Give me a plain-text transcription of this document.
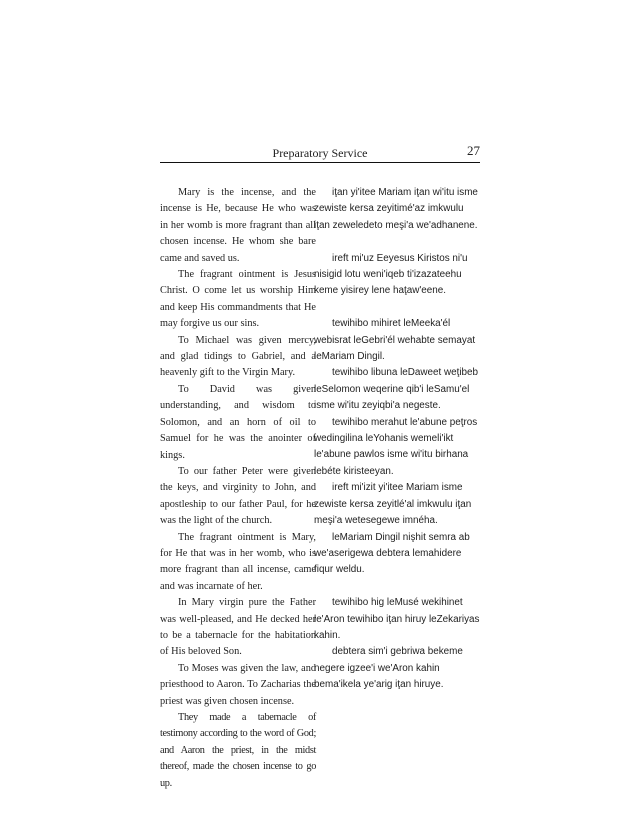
Preparatory Service	27

Mary is the incense, and the incense is He, because He who was in her womb is more fragrant than all chosen incense. He whom she bare came and saved us.

The fragrant ointment is Jesus Christ. O come let us worship Him and keep His commandments that He may forgive us our sins.

To Michael was given mercy, and glad tidings to Gabriel, and a heavenly gift to the Virgin Mary.

To David was given understanding, and wisdom to Solomon, and an horn of oil to Samuel for he was the anointer of kings.

To our father Peter were given the keys, and virginity to John, and apostleship to our father Paul, for he was the light of the church.

The fragrant ointment is Mary, for He that was in her womb, who is more fragrant than all incense, came and was incarnate of her.

In Mary virgin pure the Father was well-pleased, and He decked her to be a tabernacle for the habitation of His beloved Son.

To Moses was given the law, and priesthood to Aaron. To Zacharias the priest was given chosen incense.

They made a tabernacle of testimony according to the word of God; and Aaron the priest, in the midst thereof, made the chosen incense to go up.

iţan yi'itee Mariam iţan wi'itu isme zewiste kersa zeyitimé'az imkwulu iţan zeweledeto meşi'a we'adhanene.

ireft mi'uz Eeyesus Kiristos ni'u nisigid lotu weni'iqeb ti'izazateehu keme yisirey lene haţaw'eene.

tewihibo mihiret leMeeka'él webisrat leGebri'él wehabte semayat leMariam Dingil.

tewihibo libuna leDaweet weţibeb leSelomon weqerine qib'i leSamu'el isme wi'itu zeyiqbi'a negeste.

tewihibo merahut le'abune peţros wedingilina leYohanis wemeli'ikt le'abune pawlos isme wi'itu birhana lebéte kiristeeyan.

ireft mi'izit yi'itee Mariam isme zewiste kersa zeyitlé'al imkwulu iţan meşi'a wetesegewe imnéha.

leMariam Dingil nişhit semra ab we'aserigewa debtera lemahidere fiqur weldu.

tewihibo hig leMusé wekihinet le'Aron tewihibo iţan hiruy leZekariyas kahin.

debtera sim'i gebriwa bekeme negere igzee'i we'Aron kahin bema'ikela ye'arig iţan hiruye.
